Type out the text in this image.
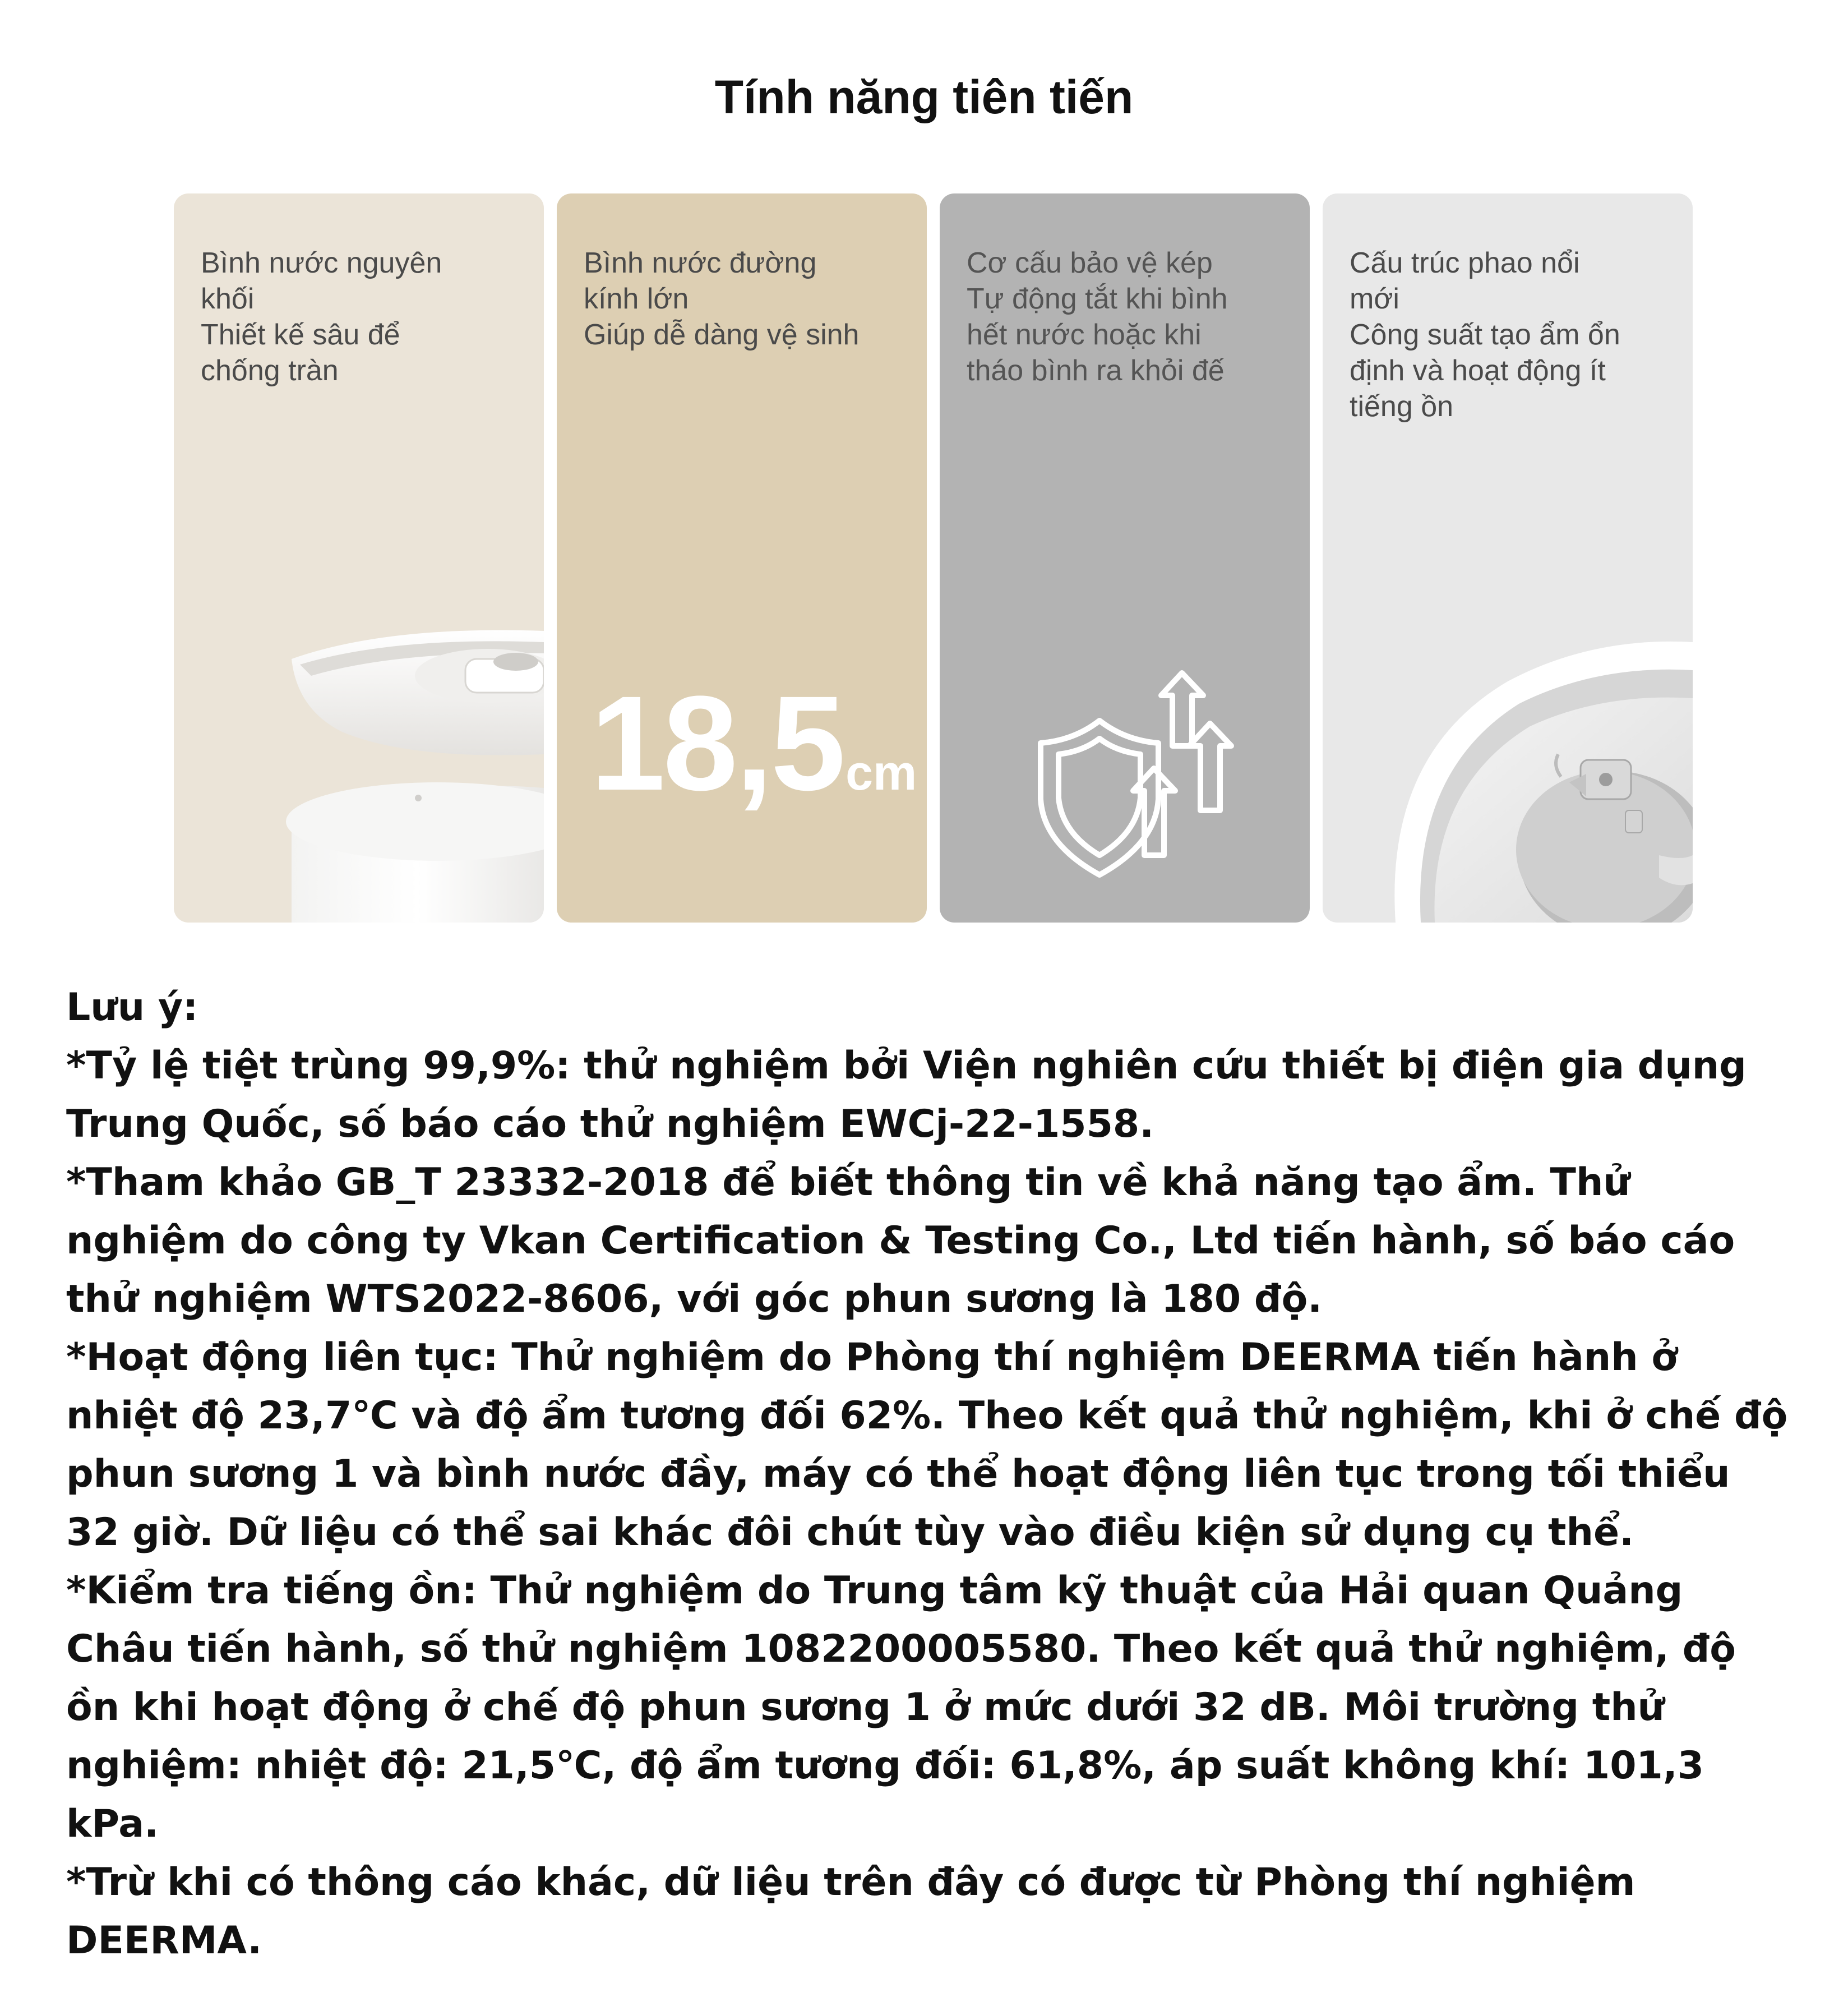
Tính năng tiên tiến
Bình nước nguyên
khối
Thiết kế sâu để
chống tràn
Bình nước đường
kính lớn
Giúp dễ dàng vệ sinh
18,5cm
Cơ cấu bảo vệ kép
Tự động tắt khi bình
hết nước hoặc khi
tháo bình ra khỏi đế
Cấu trúc phao nổi
mới
Công suất tạo ẩm ổn
định và hoạt động ít
tiếng ồn

Lưu ý:

*Tỷ lệ tiệt trùng 99,9%: thử nghiệm bởi Viện nghiên cứu thiết bị điện gia dụng Trung Quốc, số báo cáo thử nghiệm EWCj-22-1558.

*Tham khảo GB_T 23332-2018 để biết thông tin về khả năng tạo ẩm. Thử nghiệm do công ty Vkan Certification & Testing Co., Ltd tiến hành, số báo cáo thử nghiệm WTS2022-8606, với góc phun sương là 180 độ.

*Hoạt động liên tục: Thử nghiệm do Phòng thí nghiệm DEERMA tiến hành ở nhiệt độ 23,7℃ và độ ẩm tương đối 62%. Theo kết quả thử nghiệm, khi ở chế độ phun sương 1 và bình nước đầy, máy có thể hoạt động liên tục trong tối thiểu 32 giờ. Dữ liệu có thể sai khác đôi chút tùy vào điều kiện sử dụng cụ thể.

*Kiểm tra tiếng ồn: Thử nghiệm do Trung tâm kỹ thuật của Hải quan Quảng Châu tiến hành, số thử nghiệm 1082200005580. Theo kết quả thử nghiệm, độ ồn khi hoạt động ở chế độ phun sương 1 ở mức dưới 32 dB. Môi trường thử nghiệm: nhiệt độ: 21,5℃, độ ẩm tương đối: 61,8%, áp suất không khí: 101,3 kPa.

*Trừ khi có thông cáo khác, dữ liệu trên đây có được từ Phòng thí nghiệm DEERMA.
